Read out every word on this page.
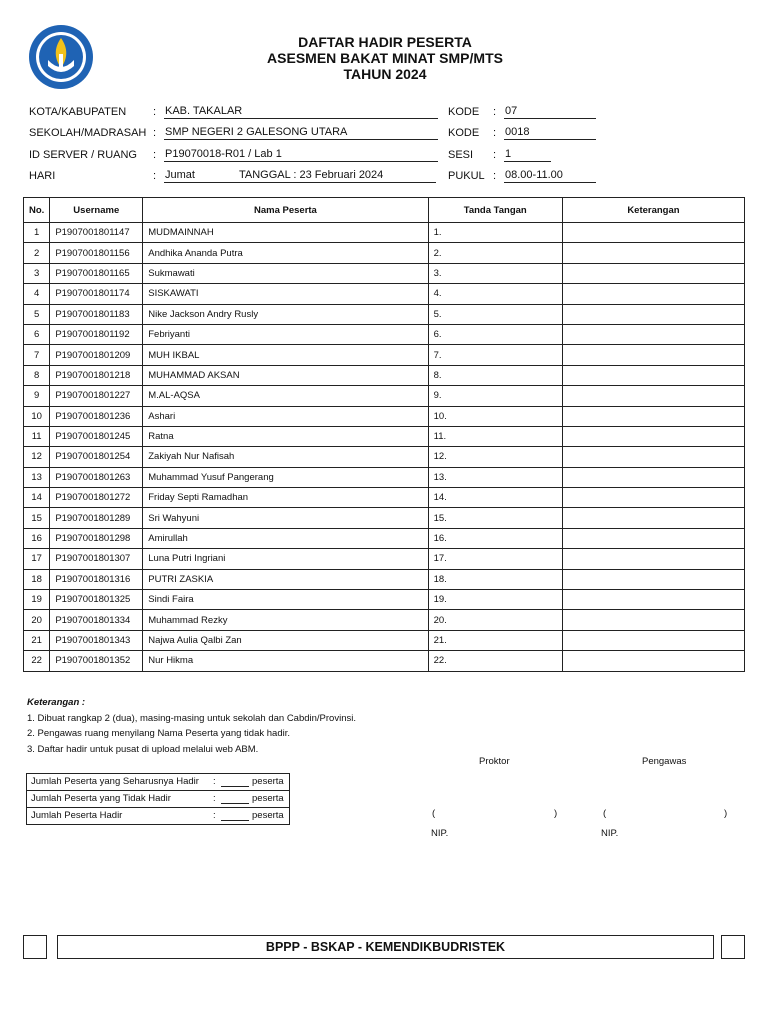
DAFTAR HADIR PESERTA
ASESMEN BAKAT MINAT SMP/MTS
TAHUN 2024
KOTA/KABUPATEN : KAB. TAKALAR
SEKOLAH/MADRASAH : SMP NEGERI 2 GALESONG UTARA
ID SERVER / RUANG : P19070018-R01 / Lab 1
HARI	: Jumat	TANGGAL : 23 Februari 2024
KODE : 07
KODE : 0018
SESI : 1
PUKUL : 08.00-11.00
No.	Username	Nama Peserta	Tanda Tangan	Keterangan
1	P1907001801147	MUDMAINNAH	1.	
2	P1907001801156	Andhika Ananda Putra	2.	
3	P1907001801165	Sukmawati	3.	
4	P1907001801174	SISKAWATI	4.	
5	P1907001801183	Nike Jackson Andry Rusly	5.	
6	P1907001801192	Febriyanti	6.	
7	P1907001801209	MUH IKBAL	7.	
8	P1907001801218	MUHAMMAD AKSAN	8.	
9	P1907001801227	M.AL-AQSA	9.	
10	P1907001801236	Ashari	10.	
11	P1907001801245	Ratna	11.	
12	P1907001801254	Zakiyah Nur Nafisah	12.	
13	P1907001801263	Muhammad Yusuf Pangerang	13.	
14	P1907001801272	Friday Septi Ramadhan	14.	
15	P1907001801289	Sri Wahyuni	15.	
16	P1907001801298	Amirullah	16.	
17	P1907001801307	Luna Putri Ingriani	17.	
18	P1907001801316	PUTRI ZASKIA	18.	
19	P1907001801325	Sindi Faira	19.	
20	P1907001801334	Muhammad Rezky	20.	
21	P1907001801343	Najwa Aulia Qalbi Zan	21.	
22	P1907001801352	Nur Hikma	22.	
Keterangan :
1. Dibuat rangkap 2 (dua), masing-masing untuk sekolah dan Cabdin/Provinsi.
2. Pengawas ruang menyilang Nama Peserta yang tidak hadir.
3. Daftar hadir untuk pusat di upload melalui web ABM.
Jumlah Peserta yang Seharusnya Hadir :	peserta
Jumlah Peserta yang Tidak Hadir	:	peserta
Jumlah Peserta Hadir	:	peserta
Proktor	Pengawas
(	)	(	)
NIP.	NIP.
BPPP - BSKAP - KEMENDIKBUDRISTEK
